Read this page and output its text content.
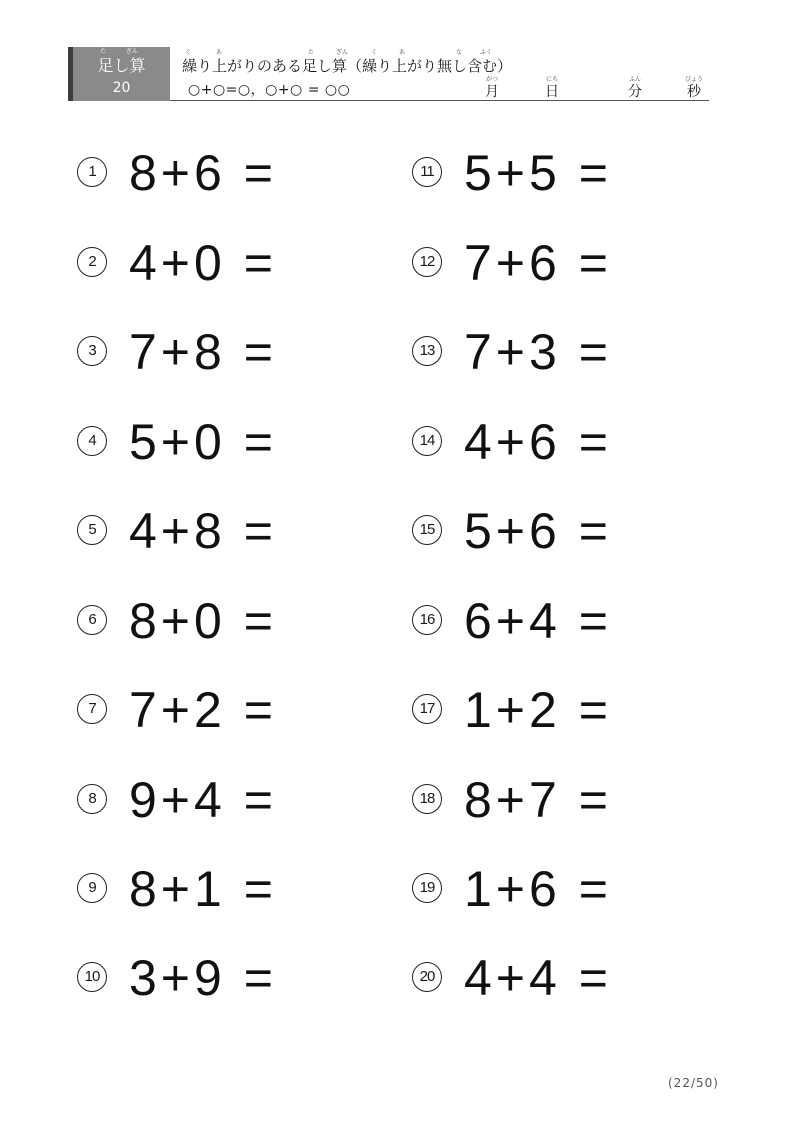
た	ざん
足し算
20
く	あ	た	ざん	く	あ	な	ふく
繰り上がりのある足し算（繰り上がり無し含む）
○+○=○，○+○ = ○○
がつ
月
にち
日
ふん
分
びょう
秒
1 8+6 =
2 4+0 =
3 7+8 =
4 5+0 =
5 4+8 =
6 8+0 =
7 7+2 =
8 9+4 =
9 8+1 =
10 3+9 =
11 5+5 =
12 7+6 =
13 7+3 =
14 4+6 =
15 5+6 =
16 6+4 =
17 1+2 =
18 8+7 =
19 1+6 =
20 4+4 =
(22/50)
